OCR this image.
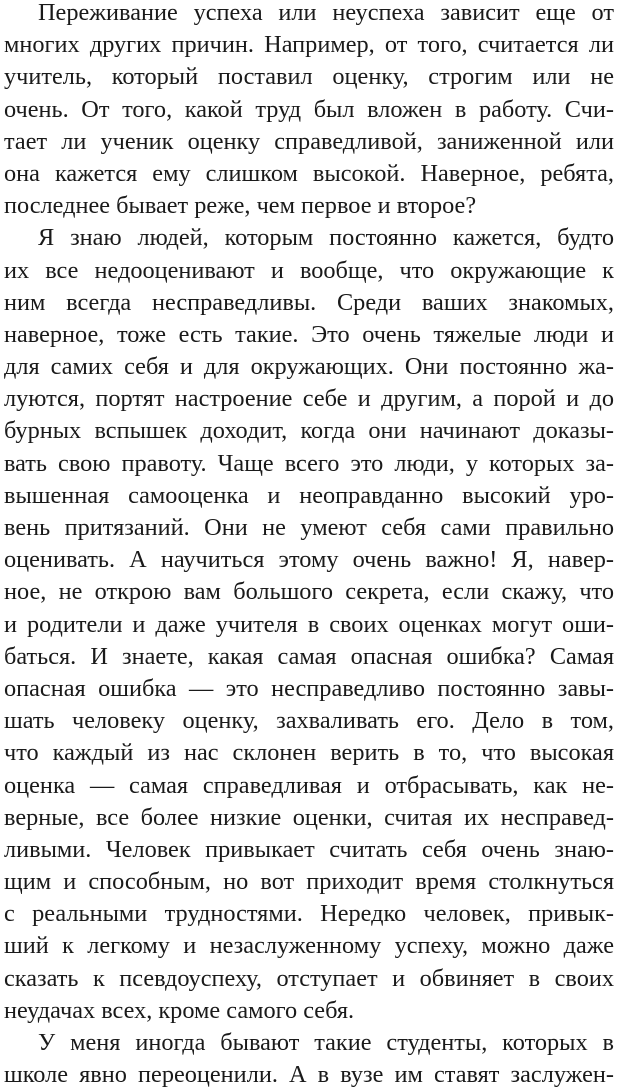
Переживание успеха или неуспеха зависит еще от
многих других причин. Например, от того, считается ли
учитель, который поставил оценку, строгим или не
очень. От того, какой труд был вложен в работу. Счи-
тает ли ученик оценку справедливой, заниженной или
она кажется ему слишком высокой. Наверное, ребята,
последнее бывает реже, чем первое и второе?
Я знаю людей, которым постоянно кажется, будто
их все недооценивают и вообще, что окружающие к
ним всегда несправедливы. Среди ваших знакомых,
наверное, тоже есть такие. Это очень тяжелые люди и
для самих себя и для окружающих. Они постоянно жа-
луются, портят настроение себе и другим, а порой и до
бурных вспышек доходит, когда они начинают доказы-
вать свою правоту. Чаще всего это люди, у которых за-
вышенная самооценка и неоправданно высокий уро-
вень притязаний. Они не умеют себя сами правильно
оценивать. А научиться этому очень важно! Я, навер-
ное, не открою вам большого секрета, если скажу, что
и родители и даже учителя в своих оценках могут оши-
баться. И знаете, какая самая опасная ошибка? Самая
опасная ошибка — это несправедливо постоянно завы-
шать человеку оценку, захваливать его. Дело в том,
что каждый из нас склонен верить в то, что высокая
оценка — самая справедливая и отбрасывать, как не-
верные, все более низкие оценки, считая их несправед-
ливыми. Человек привыкает считать себя очень знаю-
щим и способным, но вот приходит время столкнуться
с реальными трудностями. Нередко человек, привык-
ший к легкому и незаслуженному успеху, можно даже
сказать к псевдоуспеху, отступает и обвиняет в своих
неудачах всех, кроме самого себя.
У меня иногда бывают такие студенты, которых в
школе явно переоценили. А в вузе им ставят заслужен-
